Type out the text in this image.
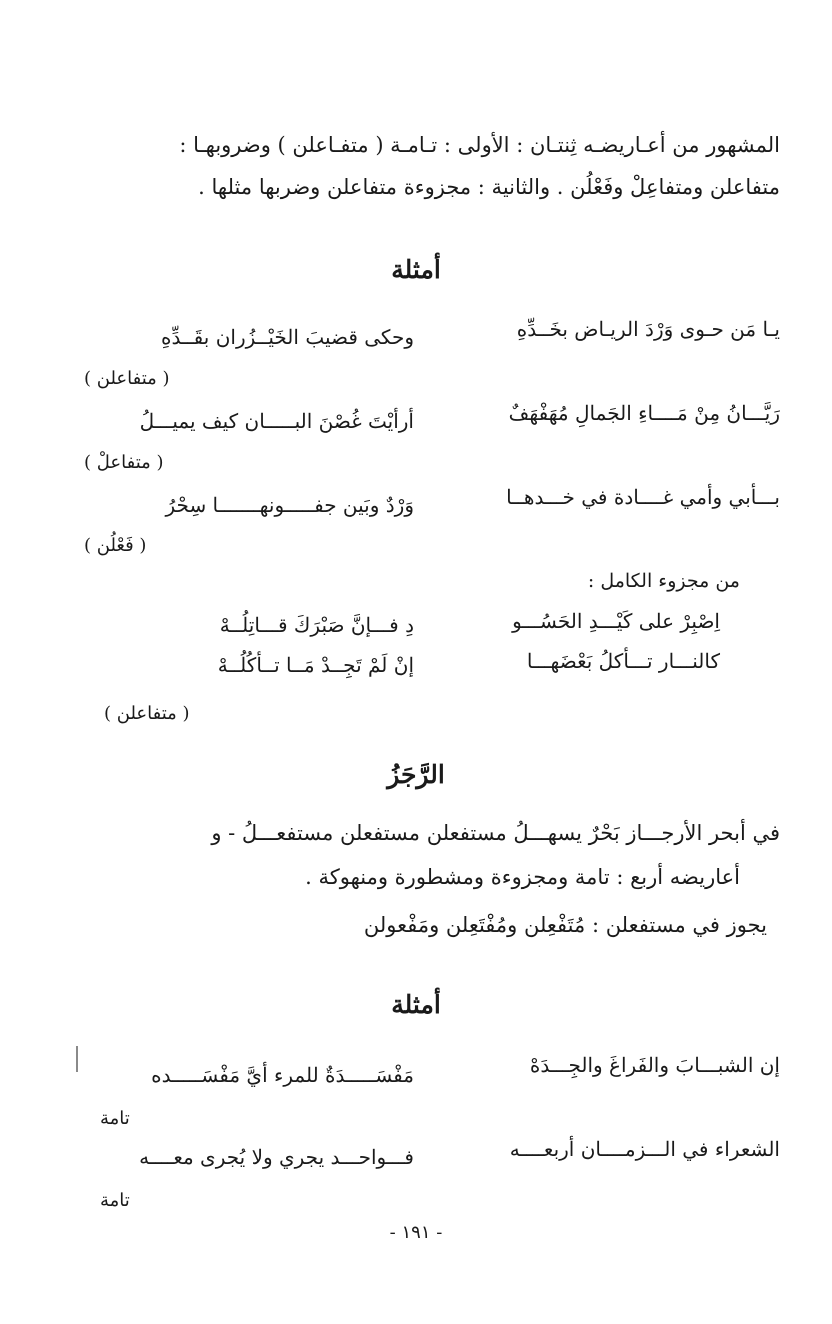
المشهور من أعـاريضـه ثِنتـان : الأولى : تـامـة ( متفـاعلن ) وضروبهـا :
متفاعلن ومتفاعِلْ وفَعْلُن . والثانية : مجزوءة متفاعلن وضربها مثلها .
أمثلة
يـا مَن حـوى وَرْدَ الريـاض بخَــدِّهِ
وحكى قضيبَ الخَيْــزُران بقَــدِّهِ
( متفاعلن )
رَيَّـــانُ مِنْ مَــــاءِ الجَمالِ مُهَفْهَفٌ
أرأيْتَ غُصْنَ البـــــان كيف يميـــلُ
( متفاعلْ )
بـــأبي وأمي غــــادة في خـــدهــا
وَرْدٌ وبَين جفـــــونهـــــــا سِحْرُ
( فَعْلُن )
من مجزوء الكامل :
اِصْبِرْ على كَيْـــدِ الحَسُـــو
دِ فـــإنَّ صَبْرَكَ قـــاتِلُــهْ
كالنـــار تـــأكلُ بَعْضَهـــا
إنْ لَمْ تَجِــدْ مَــا تــأكُلُــهْ
( متفاعلن )
الرَّجَزُ
في أبحر الأرجـــاز بَحْرٌ يسهـــلُ مستفعلن مستفعلن مستفعـــلُ - و
أعاريضه أربع : تامة ومجزوءة ومشطورة ومنهوكة .
يجوز في مستفعلن : مُتَفْعِلن ومُفْتَعِلن ومَفْعولن
أمثلة
إن الشبـــابَ والفَراغَ والجِـــدَهْ
مَفْسَـــــدَةٌ للمرء أيَّ مَفْسَـــــده
تامة
الشعراء في الـــزمــــان أربعــــه
فـــواحـــد يجري ولا يُجرى معــــه
تامة
- ١٩١ -
